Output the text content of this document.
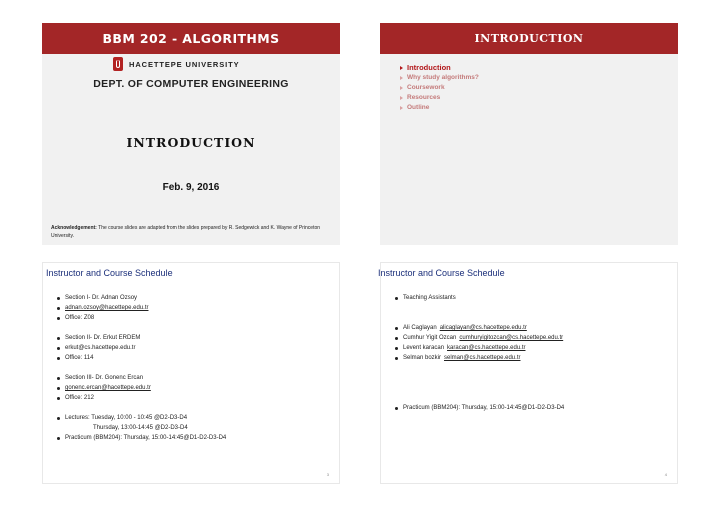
BBM 202 - ALGORITHMS
HACETTEPE UNIVERSITY
DEPT. OF COMPUTER ENGINEERING
INTRODUCTION
Feb. 9, 2016
Acknowledgement: The course slides are adapted from the slides prepared by R. Sedgewick and K. Wayne of Princeton University.
INTRODUCTION
Introduction
Why study algorithms?
Coursework
Resources
Outline
Instructor and Course Schedule
Section I- Dr. Adnan Ozsoy
adnan.ozsoy@hacettepe.edu.tr
Office: Z08
Section II- Dr. Erkut ERDEM
erkut@cs.hacettepe.edu.tr
Office: 114
Section III- Dr. Gonenc Ercan
gonenc.ercan@hacettepe.edu.tr
Office: 212
Lectures: Tuesday, 10:00 - 10:45 @D2-D3-D4
Thursday, 13:00-14:45 @D2-D3-D4
Practicum (BBM204): Thursday, 15:00-14:45@D1-D2-D3-D4
3
Instructor and Course Schedule
Teaching Assistants
Ali Caglayan alicaglayan@cs.hacettepe.edu.tr
Cumhur Yigit Ozcan cumhuryigitozcan@cs.hacettepe.edu.tr
Levent karacan karacan@cs.hacettepe.edu.tr
Selman bozkir selman@cs.hacettepe.edu.tr
Practicum (BBM204): Thursday, 15:00-14:45@D1-D2-D3-D4
4
